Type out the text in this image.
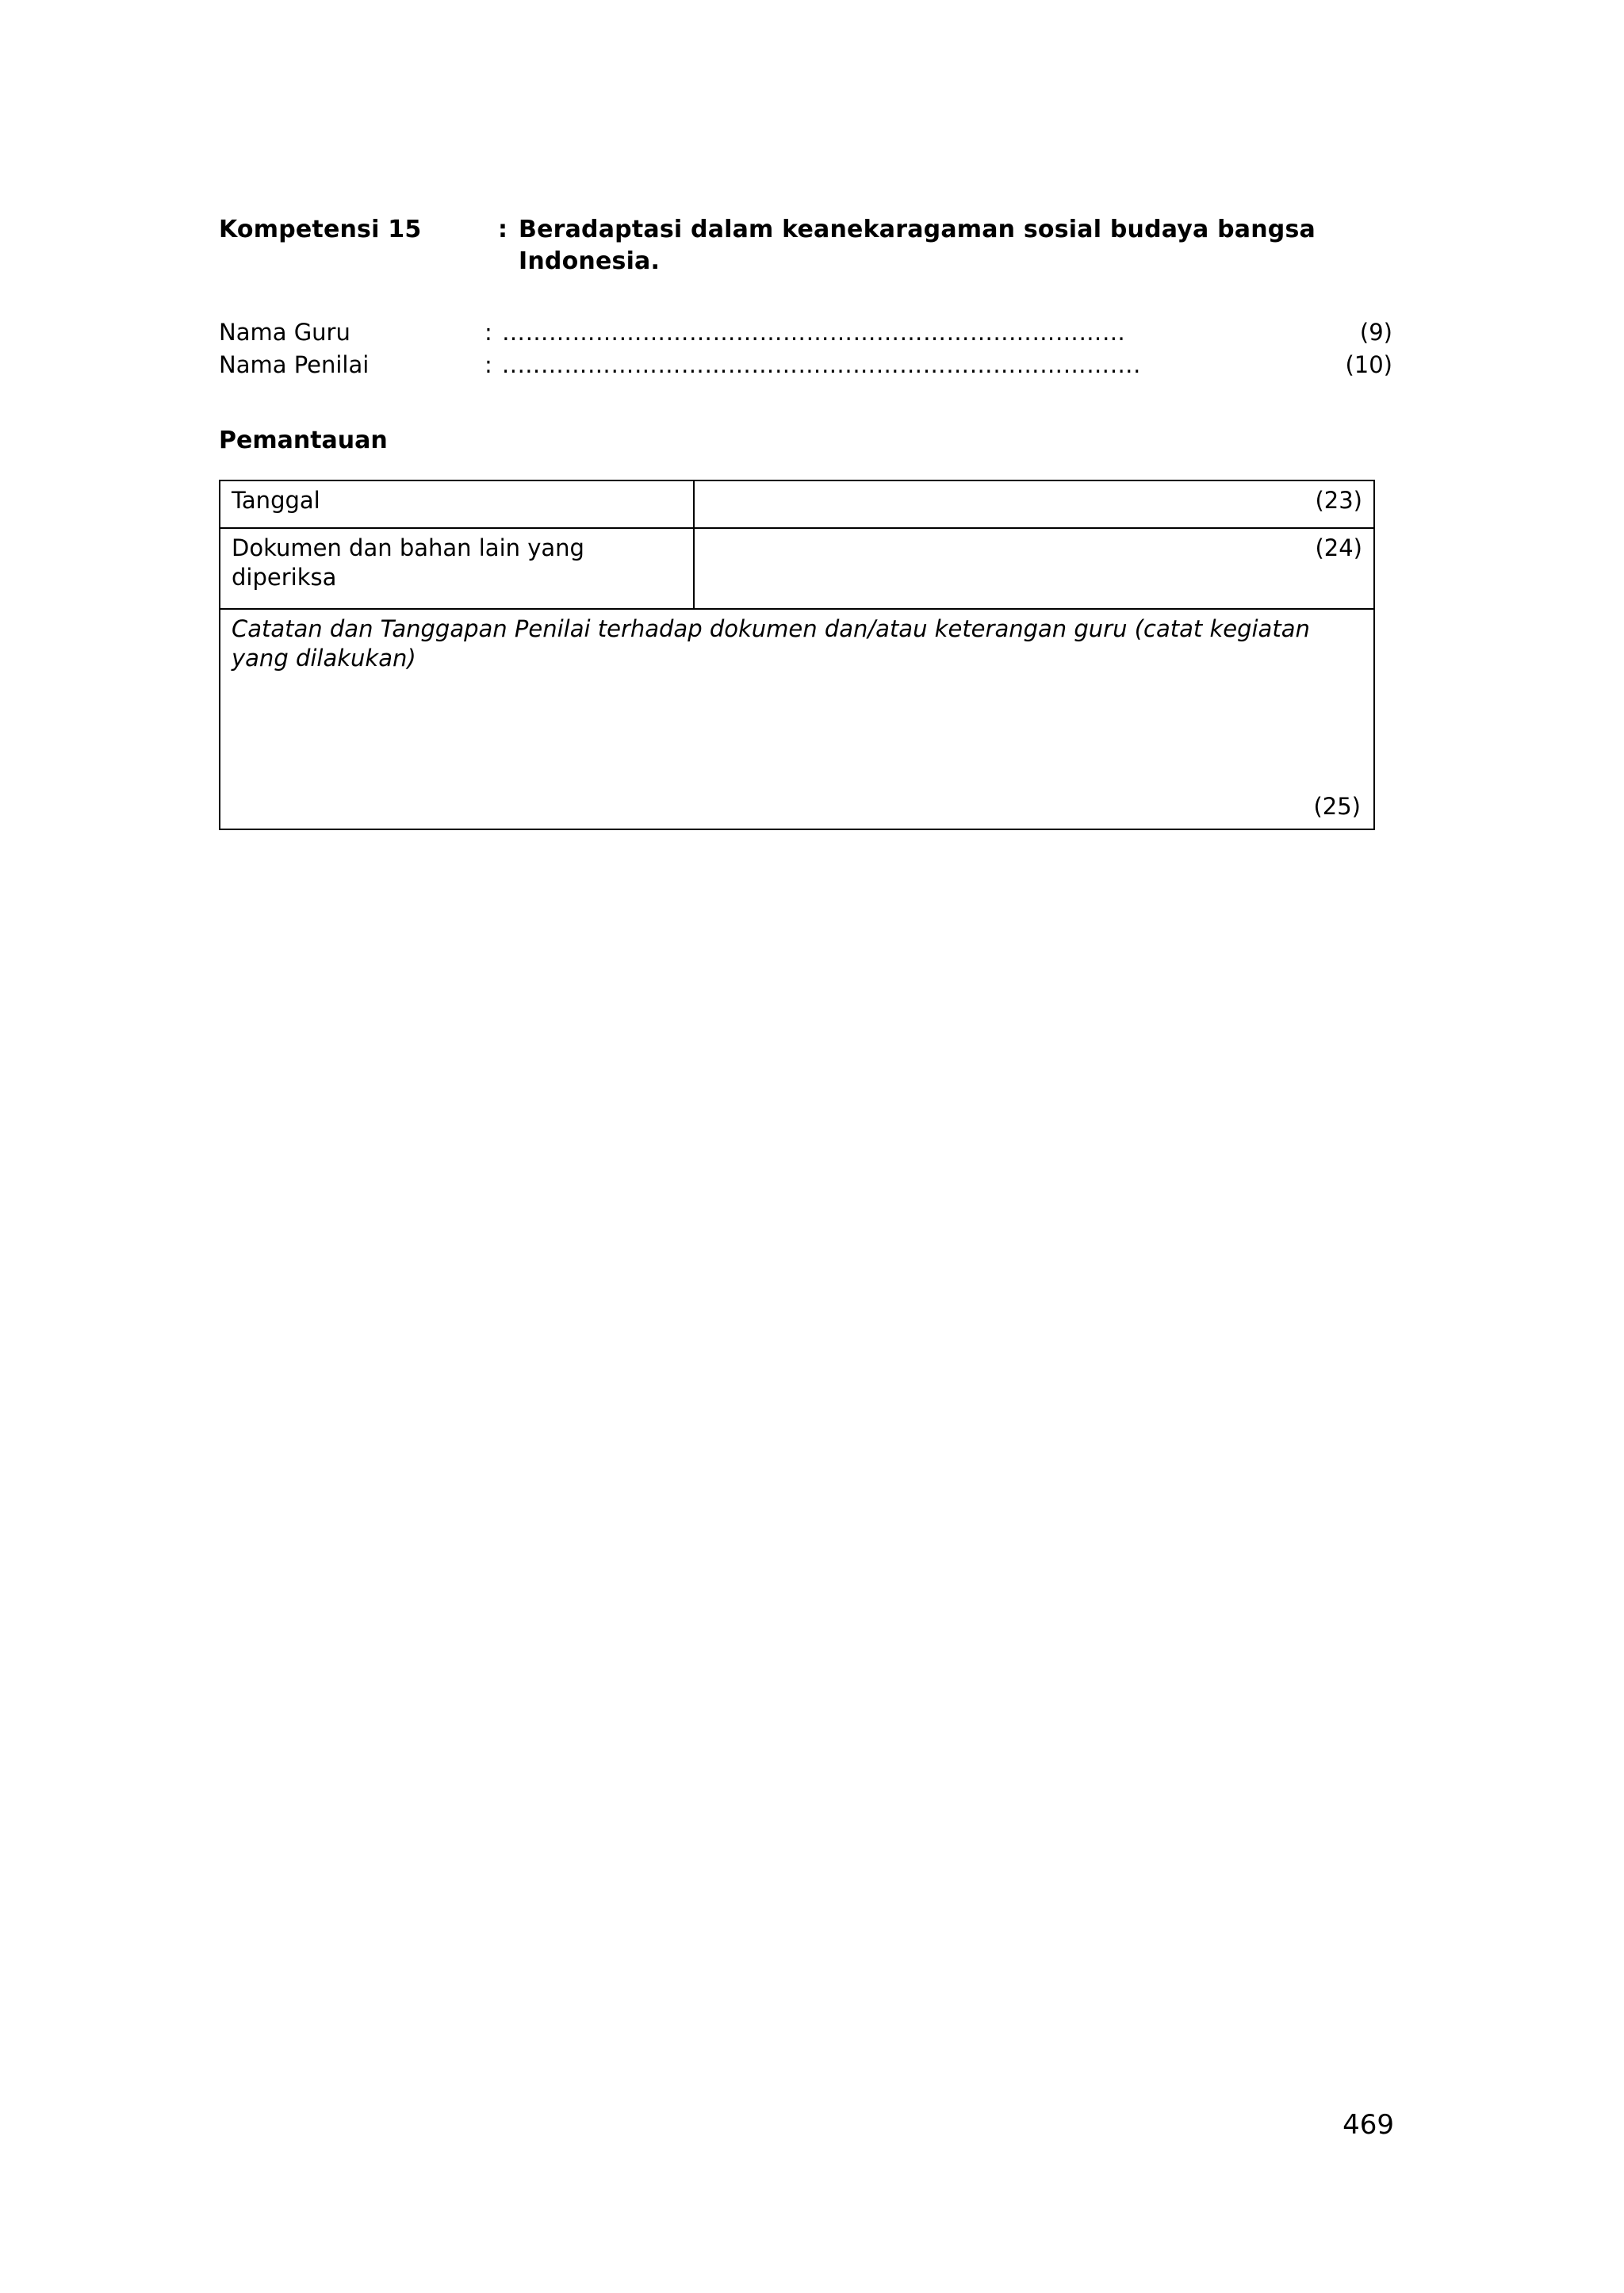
Kompetensi 15	: Beradaptasi dalam keanekaragaman sosial budaya bangsa Indonesia.
Nama Guru	: ………………………………………………………..……………	(9)
Nama Penilai	: ..…………………………………….……………………………….	(10)
Pemantauan
Tanggal	(23)
Dokumen dan bahan lain yang diperiksa	(24)

Catatan dan Tanggapan Penilai terhadap dokumen dan/atau keterangan guru (catat kegiatan yang dilakukan)
(25)	
469
